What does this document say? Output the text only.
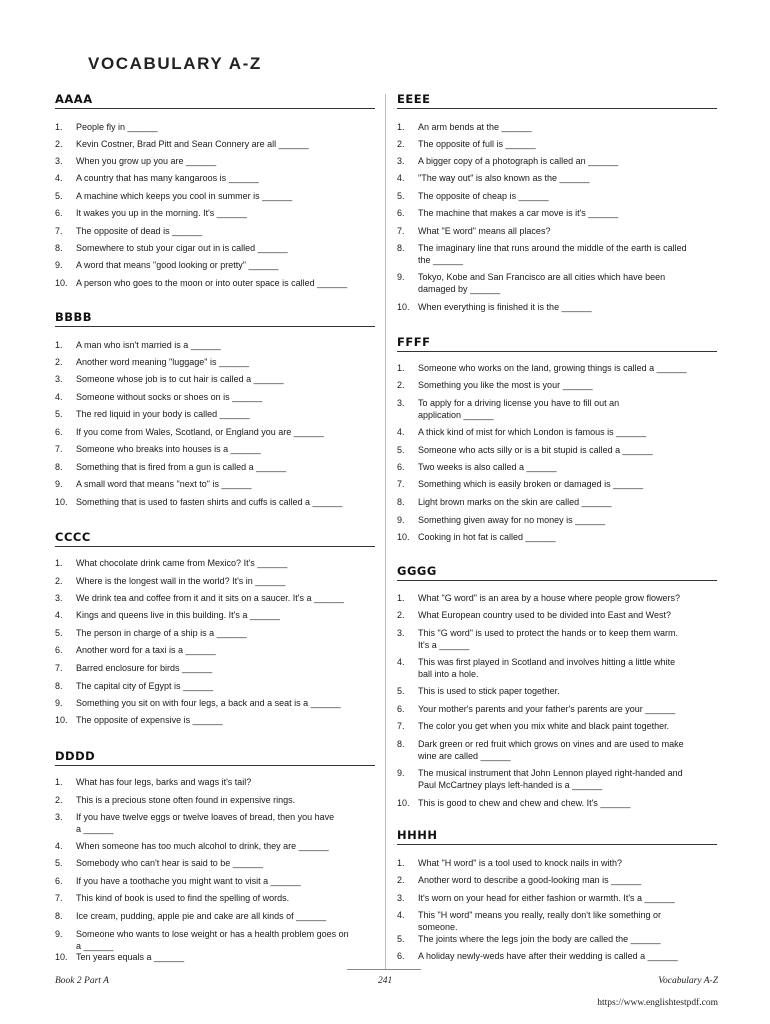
VOCABULARY A-Z
AAAA
1. People fly in ______
2. Kevin Costner, Brad Pitt and Sean Connery are all ______
3. When you grow up you are ______
4. A country that has many kangaroos is ______
5. A machine which keeps you cool in summer is ______
6. It wakes you up in the morning. It's ______
7. The opposite of dead is ______
8. Somewhere to stub your cigar out in is called ______
9. A word that means "good looking or pretty" ______
10. A person who goes to the moon or into outer space is called ______
BBBB
1. A man who isn't married is a ______
2. Another word meaning "luggage" is ______
3. Someone whose job is to cut hair is called a ______
4. Someone without socks or shoes on is ______
5. The red liquid in your body is called ______
6. If you come from Wales, Scotland, or England you are ______
7. Someone who breaks into houses is a ______
8. Something that is fired from a gun is called a ______
9. A small word that means "next to" is ______
10. Something that is used to fasten shirts and cuffs is called a ______
CCCC
1. What chocolate drink came from Mexico? It's ______
2. Where is the longest wall in the world? It's in ______
3. We drink tea and coffee from it and it sits on a saucer. It's a ______
4. Kings and queens live in this building. It's a ______
5. The person in charge of a ship is a ______
6. Another word for a taxi is a ______
7. Barred enclosure for birds ______
8. The capital city of Egypt is ______
9. Something you sit on with four legs, a back and a seat is a ______
10. The opposite of expensive is ______
DDDD
1. What has four legs, barks and wags it's tail?
2. This is a precious stone often found in expensive rings.
3. If you have twelve eggs or twelve loaves of bread, then you have
a ______
4. When someone has too much alcohol to drink, they are ______
5. Somebody who can't hear is said to be ______
6. If you have a toothache you might want to visit a ______
7. This kind of book is used to find the spelling of words.
8. Ice cream, pudding, apple pie and cake are all kinds of ______
9. Someone who wants to lose weight or has a health problem goes on
a ______
10. Ten years equals a ______
EEEE
1. An arm bends at the ______
2. The opposite of full is ______
3. A bigger copy of a photograph is called an ______
4. "The way out" is also known as the ______
5. The opposite of cheap is ______
6. The machine that makes a car move is it's ______
7. What "E word" means all places?
8. The imaginary line that runs around the middle of the earth is called
the ______
9. Tokyo, Kobe and San Francisco are all cities which have been
damaged by ______
10. When everything is finished it is the ______
FFFF
1. Someone who works on the land, growing things is called a ______
2. Something you like the most is your ______
3. To apply for a driving license you have to fill out an
application ______
4. A thick kind of mist for which London is famous is ______
5. Someone who acts silly or is a bit stupid is called a ______
6. Two weeks is also called a ______
7. Something which is easily broken or damaged is ______
8. Light brown marks on the skin are called ______
9. Something given away for no money is ______
10. Cooking in hot fat is called ______
GGGG
1. What "G word" is an area by a house where people grow flowers?
2. What European country used to be divided into East and West?
3. This "G word" is used to protect the hands or to keep them warm.
It's a ______
4. This was first played in Scotland and involves hitting a little white
ball into a hole.
5. This is used to stick paper together.
6. Your mother's parents and your father's parents are your ______
7. The color you get when you mix white and black paint together.
8. Dark green or red fruit which grows on vines and are used to make
wine are called ______
9. The musical instrument that John Lennon played right-handed and
Paul McCartney plays left-handed is a ______
10. This is good to chew and chew and chew. It's ______
HHHH
1. What "H word" is a tool used to knock nails in with?
2. Another word to describe a good-looking man is ______
3. It's worn on your head for either fashion or warmth. It's a ______
4. This "H word" means you really, really don't like something or
someone.
5. The joints where the legs join the body are called the ______
6. A holiday newly-weds have after their wedding is called a ______
Book 2 Part A	241	Vocabulary A-Z
https://www.englishtestpdf.com
